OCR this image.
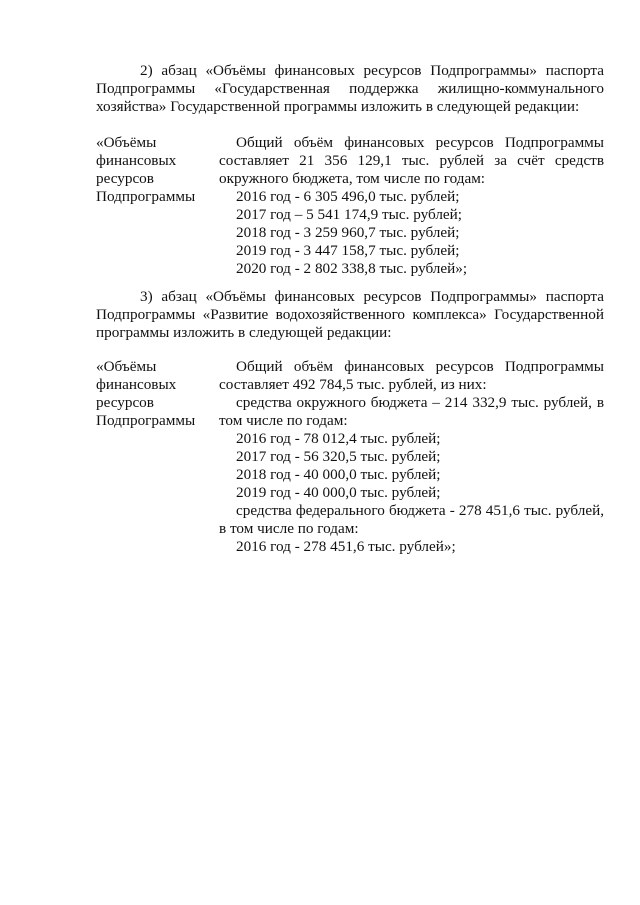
2) абзац «Объёмы финансовых ресурсов Подпрограммы» паспорта
Подпрограммы «Государственная поддержка жилищно-коммунального
хозяйства» Государственной программы изложить в следующей редакции:
«Объёмы
финансовых
ресурсов
Подпрограммы
Общий объём финансовых ресурсов Подпрограммы
составляет 21 356 129,1 тыс. рублей за счёт средств
окружного бюджета, том числе по годам:
2016 год - 6 305 496,0 тыс. рублей;
2017 год – 5 541 174,9 тыс. рублей;
2018 год - 3 259 960,7 тыс. рублей;
2019 год - 3 447 158,7 тыс. рублей;
2020 год - 2 802 338,8 тыс. рублей»;
3) абзац «Объёмы финансовых ресурсов Подпрограммы» паспорта
Подпрограммы «Развитие водохозяйственного комплекса» Государственной
программы изложить в следующей редакции:
«Объёмы
финансовых
ресурсов
Подпрограммы
Общий объём финансовых ресурсов Подпрограммы
составляет 492 784,5 тыс. рублей, из них:
средства окружного бюджета – 214 332,9 тыс. рублей, в
том числе по годам:
2016 год - 78 012,4 тыс. рублей;
2017 год - 56 320,5 тыс. рублей;
2018 год - 40 000,0 тыс. рублей;
2019 год - 40 000,0 тыс. рублей;
средства федерального бюджета - 278 451,6 тыс. рублей,
в том числе по годам:
2016 год - 278 451,6 тыс. рублей»;
